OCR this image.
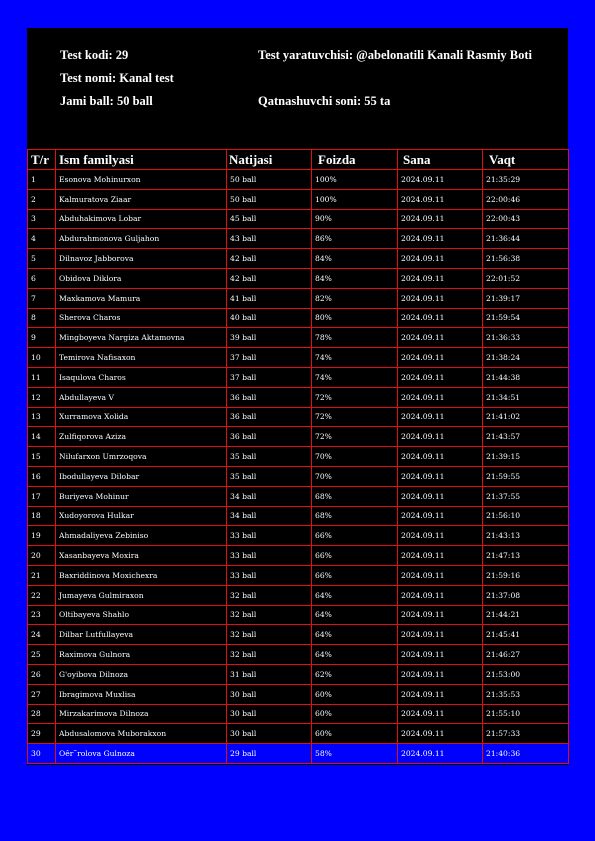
Test kodi: 29	Test yaratuvchisi: @abelonatili Kanali Rasmiy Boti
Test nomi: Kanal test
Jami ball: 50 ball	Qatnashuvchi soni: 55 ta
T/r	Ism familyasi	Natijasi	Foizda	Sana	Vaqt
1	Esonova Mohinurxon	50 ball	100%	2024.09.11	21:35:29
2	Kalmuratova Ziaar	50 ball	100%	2024.09.11	22:00:46
3	Abduhakimova Lobar	45 ball	90%	2024.09.11	22:00:43
4	Abdurahmonova Guljahon	43 ball	86%	2024.09.11	21:36:44
5	Dilnavoz Jabborova	42 ball	84%	2024.09.11	21:56:38
6	Obidova Diklora	42 ball	84%	2024.09.11	22:01:52
7	Maxkamova Mamura	41 ball	82%	2024.09.11	21:39:17
8	Sherova Charos	40 ball	80%	2024.09.11	21:59:54
9	Mingboyeva Nargiza Aktamovna	39 ball	78%	2024.09.11	21:36:33
10	Temirova Nafisaxon	37 ball	74%	2024.09.11	21:38:24
11	Isaqulova Charos	37 ball	74%	2024.09.11	21:44:38
12	Abdullayeva V	36 ball	72%	2024.09.11	21:34:51
13	Xurramova Xolida	36 ball	72%	2024.09.11	21:41:02
14	Zulfiqorova Aziza	36 ball	72%	2024.09.11	21:43:57
15	Nilufarxon Umrzoqova	35 ball	70%	2024.09.11	21:39:15
16	Ibodullayeva Dilobar	35 ball	70%	2024.09.11	21:59:55
17	Buriyeva Mohinur	34 ball	68%	2024.09.11	21:37:55
18	Xudoyorova Hulkar	34 ball	68%	2024.09.11	21:56:10
19	Ahmadaliyeva Zebiniso	33 ball	66%	2024.09.11	21:43:13
20	Xasanbayeva Moxira	33 ball	66%	2024.09.11	21:47:13
21	Baxriddinova Moxichexra	33 ball	66%	2024.09.11	21:59:16
22	Jumayeva Gulmiraxon	32 ball	64%	2024.09.11	21:37:08
23	Oltibayeva Shahlo	32 ball	64%	2024.09.11	21:44:21
24	Dilbar Lutfullayeva	32 ball	64%	2024.09.11	21:45:41
25	Raximova Gulnora	32 ball	64%	2024.09.11	21:46:27
26	G'oyibova Dilnoza	31 ball	62%	2024.09.11	21:53:00
27	Ibragimova Muxlisa	30 ball	60%	2024.09.11	21:35:53
28	Mirzakarimova Dilnoza	30 ball	60%	2024.09.11	21:55:10
29	Abdusalomova Muborakxon	30 ball	60%	2024.09.11	21:57:33
30	Oêr˜rolova Gulnoza	29 ball	58%	2024.09.11	21:40:36
